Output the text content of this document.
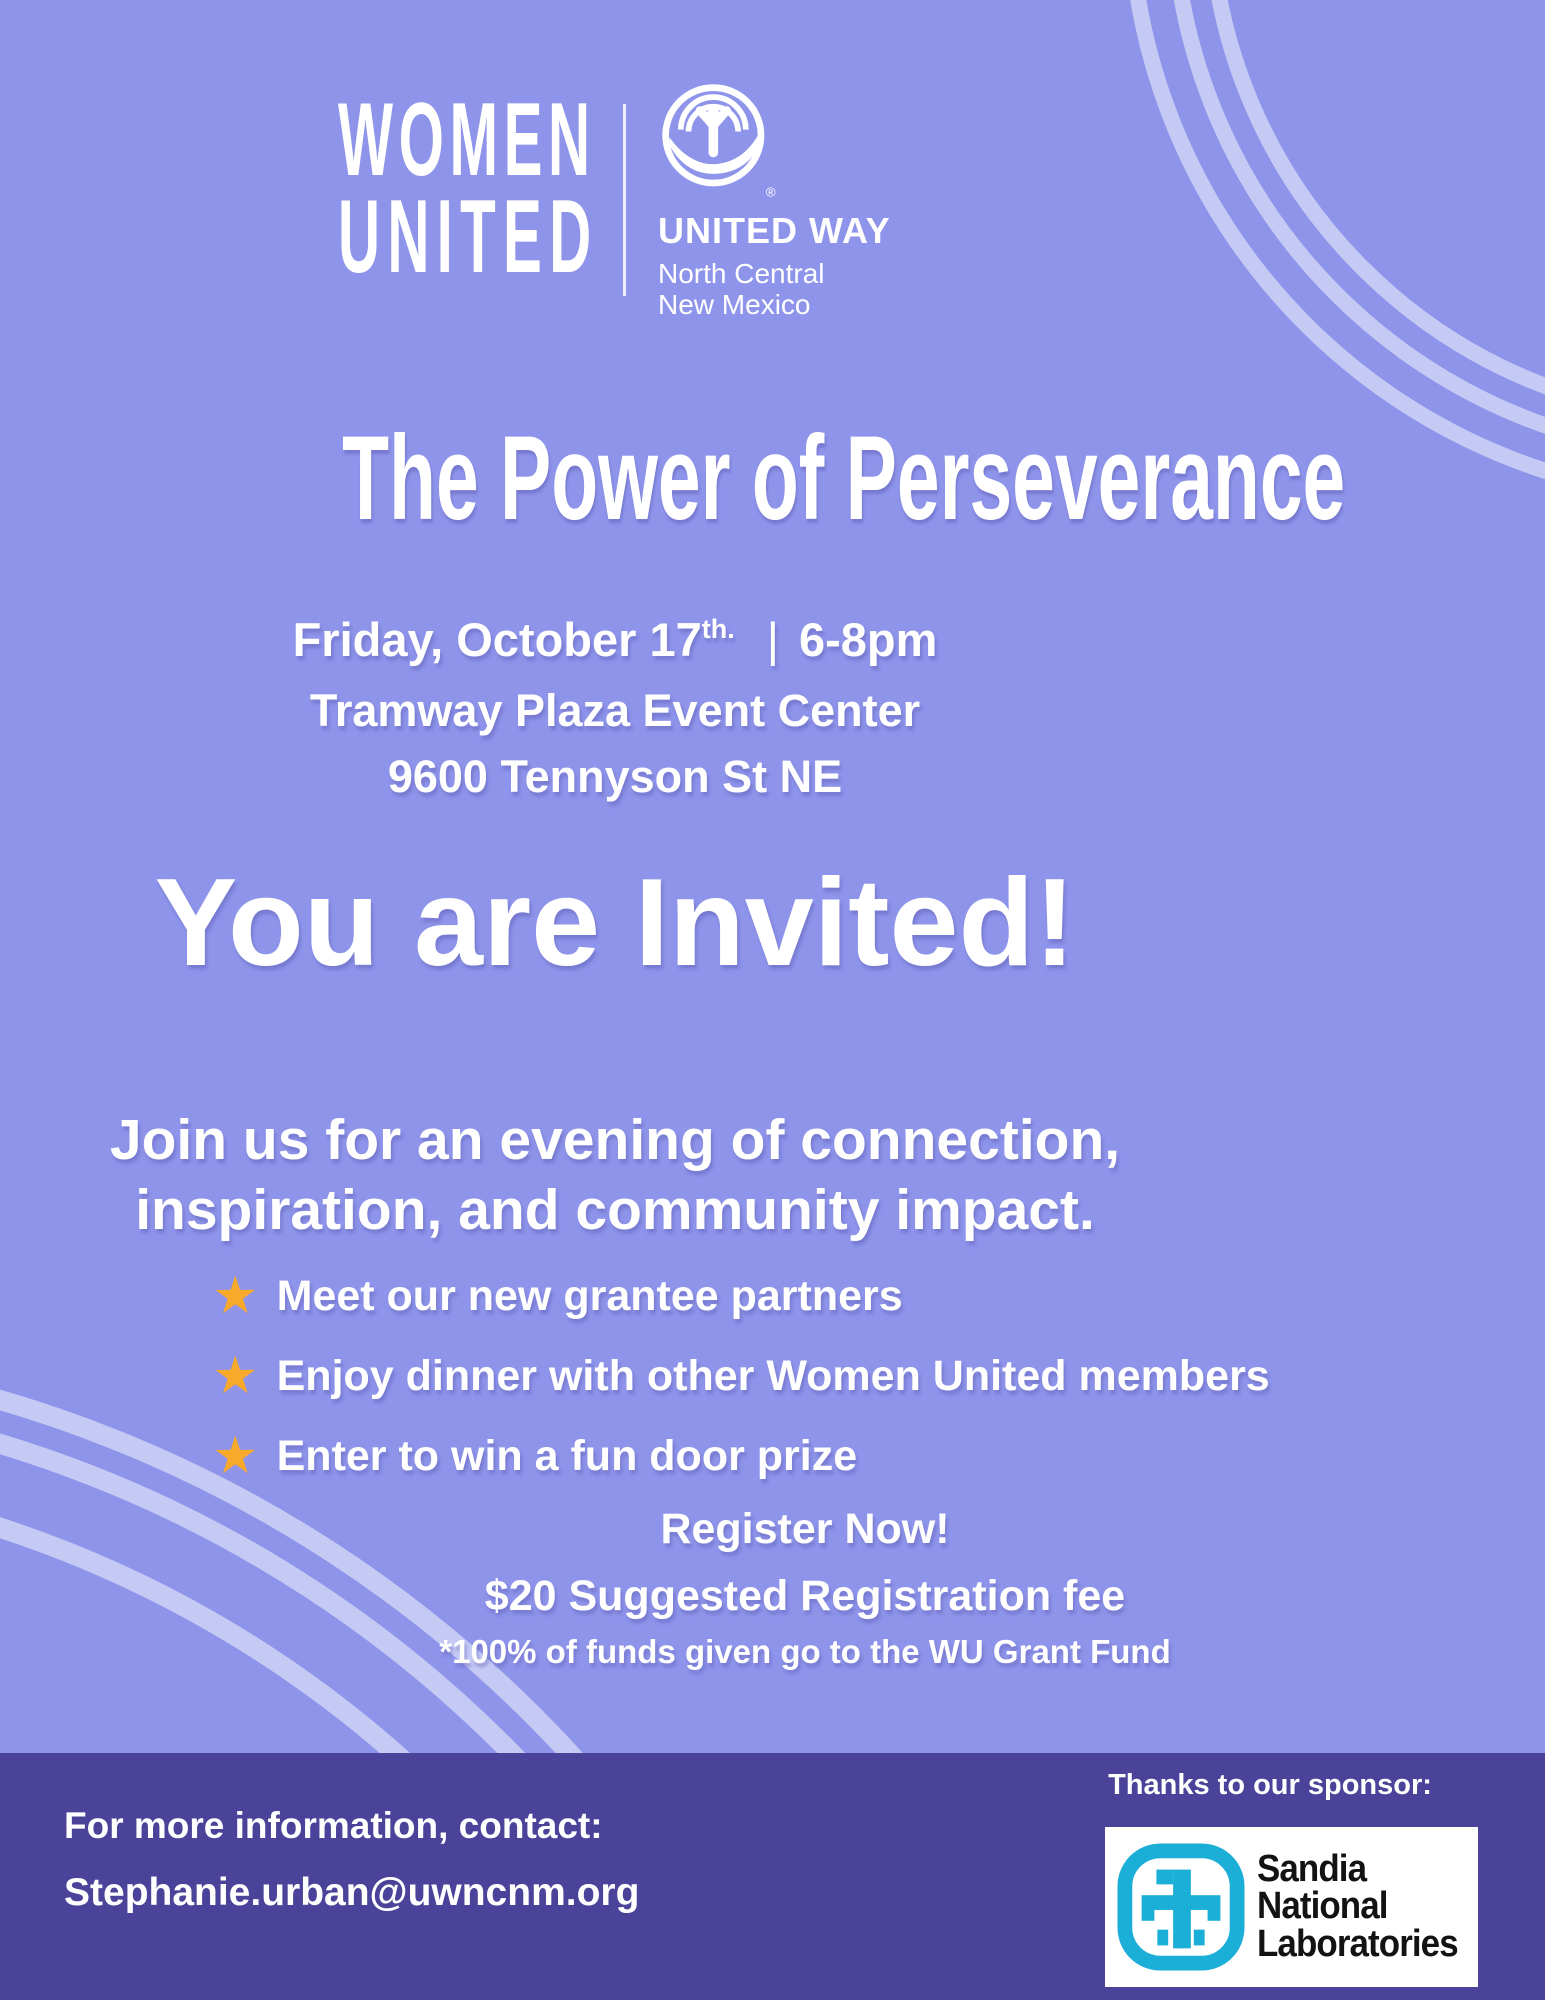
WOMEN
UNITED	®
UNITED WAY
North Central
New Mexico
The Power of Perseverance
Friday, October $17^{th.}$ | 6-8pm
Tramway Plaza Event Center
9600 Tennyson St NE
You are Invited!
Join us for an evening of connection,
inspiration, and community impact.
★ Meet our new grantee partners
★ Enjoy dinner with other Women United members
★ Enter to win a fun door prize
Register Now!
$20 Suggested Registration fee
*100% of funds given go to the WU Grant Fund
For more information, contact:
Stephanie.urban@uwncnm.org
Thanks to our sponsor:
Sandia
National
Laboratories
